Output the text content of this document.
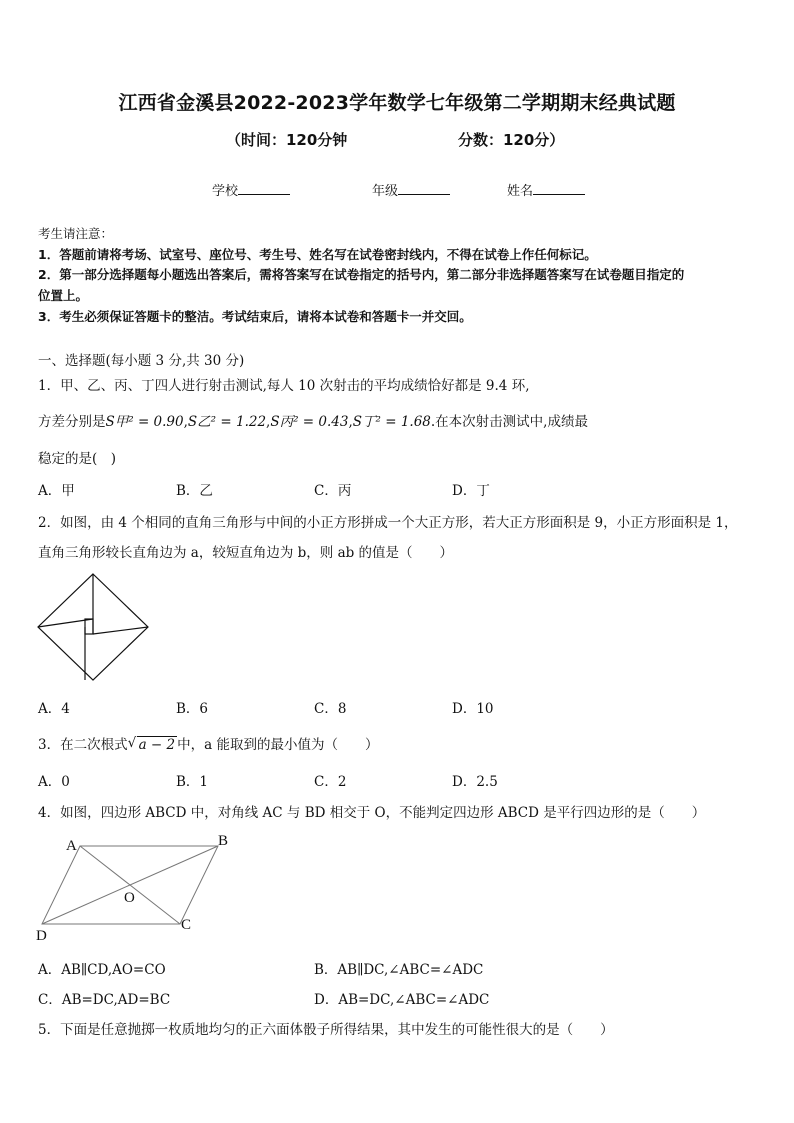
江西省金溪县2022-2023学年数学七年级第二学期期末经典试题
（时间：120分钟	分数：120分）
学校	年级	姓名
考生请注意：
1．答题前请将考场、试室号、座位号、考生号、姓名写在试卷密封线内，不得在试卷上作任何标记。
2．第一部分选择题每小题选出答案后，需将答案写在试卷指定的括号内，第二部分非选择题答案写在试卷题目指定的
位置上。
3．考生必须保证答题卡的整洁。考试结束后，请将本试卷和答题卡一并交回。
一、选择题(每小题 3 分,共 30 分)
1．甲、乙、丙、丁四人进行射击测试,每人 10 次射击的平均成绩恰好都是 9.4 环,
方差分别是S甲² = 0.90,S乙² = 1.22,S丙² = 0.43,S丁² = 1.68.在本次射击测试中,成绩最
稳定的是(　)
A．甲	B．乙	C．丙	D．丁
2．如图，由 4 个相同的直角三角形与中间的小正方形拼成一个大正方形，若大正方形面积是 9，小正方形面积是 1，
直角三角形较长直角边为 a，较短直角边为 b，则 ab 的值是（　　）
A．4	B．6	C．8	D．10
3．在二次根式 √ a − 2 中，a 能取到的最小值为（　　）
A．0	B．1	C．2	D．2.5
4．如图，四边形 ABCD 中，对角线 AC 与 BD 相交于 O，不能判定四边形 ABCD 是平行四边形的是（　　）
A	B
C
D
O
A．AB∥CD,AO=CO	B．AB∥DC,∠ABC=∠ADC
C．AB=DC,AD=BC	D．AB=DC,∠ABC=∠ADC
5．下面是任意抛掷一枚质地均匀的正六面体骰子所得结果，其中发生的可能性很大的是（　　）
